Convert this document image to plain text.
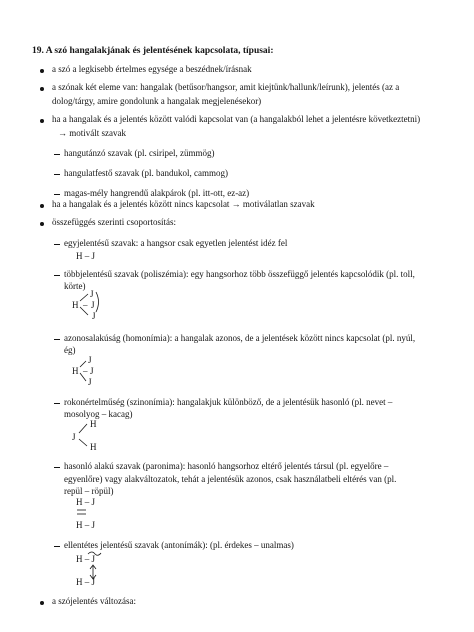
19. A szó hangalakjának és jelentésének kapcsolata, típusai:
a szó a legkisebb értelmes egysége a beszédnek/írásnak
a szónak két eleme van: hangalak (betűsor/hangsor, amit kiejtünk/hallunk/leírunk), jelentés (az a
dolog/tárgy, amire gondolunk a hangalak megjelenésekor)
ha a hangalak és a jelentés között valódi kapcsolat van (a hangalakból lehet a jelentésre következtetni)
→ motivált szavak
hangutánzó szavak (pl. csiripel, zümmög)
hangulatfestő szavak (pl. bandukol, cammog)
magas-mély hangrendű alakpárok (pl. itt-ott, ez-az)
ha a hangalak és a jelentés között nincs kapcsolat → motiválatlan szavak
összefüggés szerinti csoportosítás:
egyjelentésű szavak: a hangsor csak egyetlen jelentést idéz fel
H – J
többjelentésű szavak (poliszémia): egy hangsorhoz több összefüggő jelentés kapcsolódik (pl. toll,
körte)
J
H – J
J
azonosalakúság (homonímia): a hangalak azonos, de a jelentések között nincs kapcsolat (pl. nyúl,
ég)
J
H – J
J
rokonértelműség (szinonímia): hangalakjuk különböző, de a jelentésük hasonló (pl. nevet –
mosolyog – kacag)
H
J
H
hasonló alakú szavak (paronima): hasonló hangsorhoz eltérő jelentés társul (pl. egyelőre –
egyenlőre) vagy alakváltozatok, tehát a jelentésük azonos, csak használatbeli eltérés van (pl.
repül – röpül)
H – J
H – J
ellentétes jelentésű szavak (antonímák): (pl. érdekes – unalmas)
H – J
H – J
a szójelentés változása:
